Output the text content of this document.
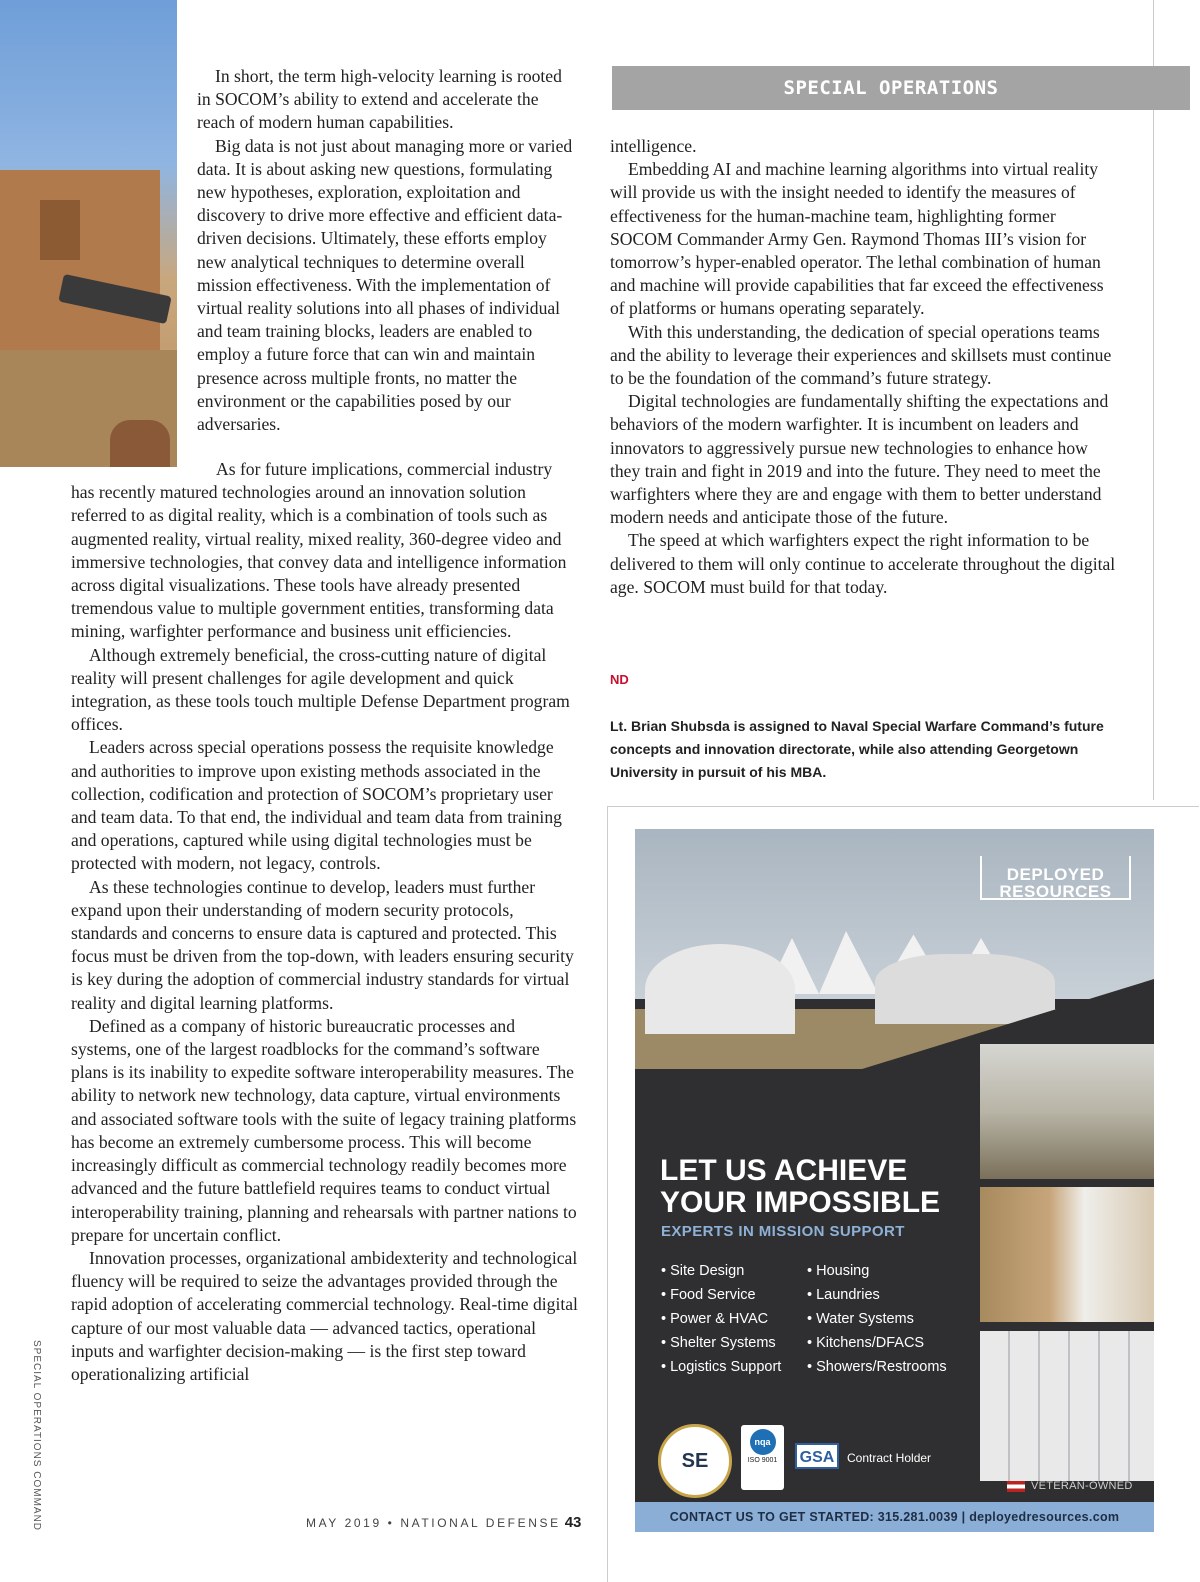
SPECIAL OPERATIONS COMMAND

In short, the term high-velocity learning is rooted in SOCOM’s ability to extend and accelerate the reach of modern human capabilities.

Big data is not just about managing more or varied data. It is about asking new questions, formulating new hypotheses, exploration, exploitation and discovery to drive more effective and efficient data-driven decisions. Ultimately, these efforts employ new analytical techniques to determine overall mission effectiveness. With the implementation of virtual reality solutions into all phases of individual and team training blocks, leaders are enabled to employ a future force that can win and maintain presence across multiple fronts, no matter the environment or the capabilities posed by our adversaries.

As for future implications, commercial industry has recently matured technologies around an innovation solution referred to as digital reality, which is a combination of tools such as augmented reality, virtual reality, mixed reality, 360-degree video and immersive technologies, that convey data and intelligence information across digital visualizations. These tools have already presented tremendous value to multiple government entities, transforming data mining, warfighter performance and business unit efficiencies.

Although extremely beneficial, the cross-cutting nature of digital reality will present challenges for agile development and quick integration, as these tools touch multiple Defense Department program offices.

Leaders across special operations possess the requisite knowledge and authorities to improve upon existing methods associated in the collection, codification and protection of SOCOM’s proprietary user and team data. To that end, the individual and team data from training and operations, captured while using digital technologies must be protected with modern, not legacy, controls.

As these technologies continue to develop, leaders must further expand upon their understanding of modern security protocols, standards and concerns to ensure data is captured and protected. This focus must be driven from the top-down, with leaders ensuring security is key during the adoption of commercial industry standards for virtual reality and digital learning platforms.

Defined as a company of historic bureaucratic processes and systems, one of the largest roadblocks for the command’s software plans is its inability to expedite software interoperability measures. The ability to network new technology, data capture, virtual environments and associated software tools with the suite of legacy training platforms has become an extremely cumbersome process. This will become increasingly difficult as commercial technology readily becomes more advanced and the future battlefield requires teams to conduct virtual interoperability training, planning and rehearsals with partner nations to prepare for uncertain conflict.

Innovation processes, organizational ambidexterity and technological fluency will be required to seize the advantages provided through the rapid adoption of accelerating commercial technology. Real-time digital capture of our most valuable data — advanced tactics, operational inputs and warfighter decision-making — is the first step toward operationalizing artificial

SPECIAL OPERATIONS

intelligence.

Embedding AI and machine learning algorithms into virtual reality will provide us with the insight needed to identify the measures of effectiveness for the human-machine team, highlighting former SOCOM Commander Army Gen. Raymond Thomas III’s vision for tomorrow’s hyper-enabled operator. The lethal combination of human and machine will provide capabilities that far exceed the effectiveness of platforms or humans operating separately.

With this understanding, the dedication of special operations teams and the ability to leverage their experiences and skillsets must continue to be the foundation of the command’s future strategy.

Digital technologies are fundamentally shifting the expectations and behaviors of the modern warfighter. It is incumbent on leaders and innovators to aggressively pursue new technologies to enhance how they train and fight in 2019 and into the future. They need to meet the warfighters where they are and engage with them to better understand modern needs and anticipate those of the future.

The speed at which warfighters expect the right information to be delivered to them will only continue to accelerate throughout the digital age. SOCOM must build for that today.

ND
Lt. Brian Shubsda is assigned to Naval Special Warfare Command’s future concepts and innovation directorate, while also attending Georgetown University in pursuit of his MBA.
DEPLOYED
RESOURCES
LET US ACHIEVE
YOUR IMPOSSIBLE
EXPERTS IN MISSION SUPPORT
• Site Design
• Food Service
• Power & HVAC
• Shelter Systems
• Logistics Support
• Housing
• Laundries
• Water Systems
• Kitchens/DFACS
• Showers/Restrooms
SE
nqa
ISO 9001	GSA	Contract Holder
VETERAN-OWNED
CONTACT US TO GET STARTED: 315.281.0039 | deployedresources.com
MAY 2019 • NATIONAL DEFENSE 43
